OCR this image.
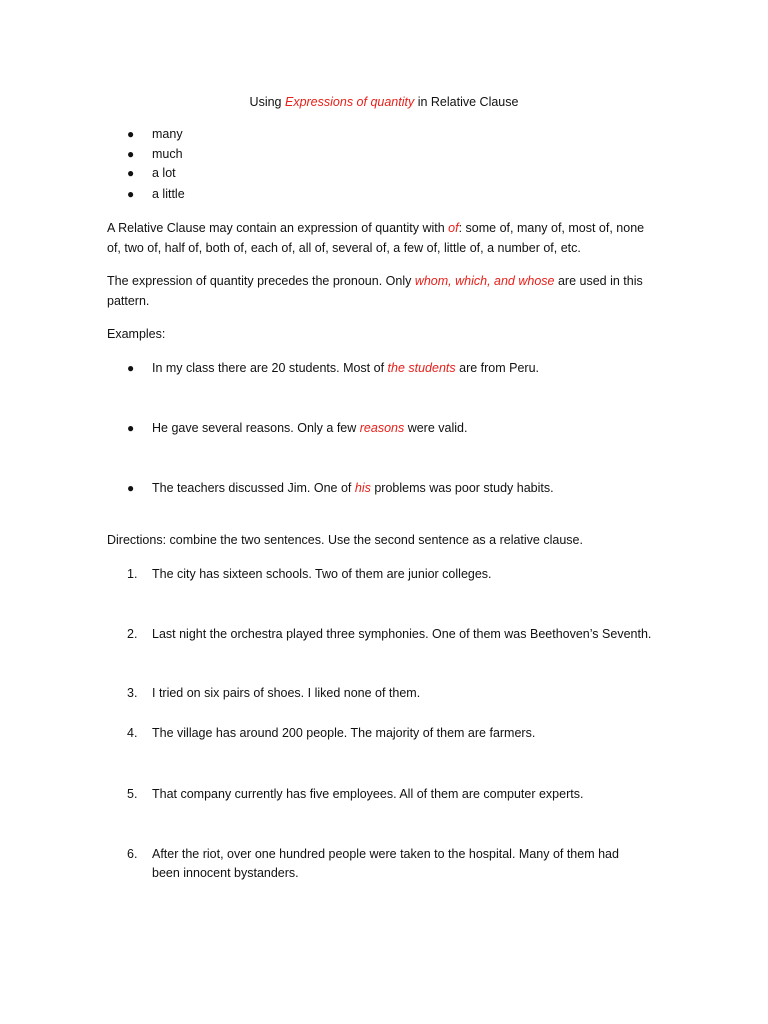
Using Expressions of quantity in Relative Clause
● many
● much
● a lot
● a little
A Relative Clause may contain an expression of quantity with of: some of, many of, most of, none
of, two of, half of, both of, each of, all of, several of, a few of, little of, a number of, etc.
The expression of quantity precedes the pronoun. Only whom, which, and whose are used in this
pattern.
Examples:
● In my class there are 20 students. Most of the students are from Peru.
● He gave several reasons. Only a few reasons were valid.
● The teachers discussed Jim. One of his problems was poor study habits.
Directions: combine the two sentences. Use the second sentence as a relative clause.
1. The city has sixteen schools. Two of them are junior colleges.
2. Last night the orchestra played three symphonies. One of them was Beethoven’s Seventh.
3. I tried on six pairs of shoes. I liked none of them.
4. The village has around 200 people. The majority of them are farmers.
5. That company currently has five employees. All of them are computer experts.
6. After the riot, over one hundred people were taken to the hospital. Many of them had
been innocent bystanders.
